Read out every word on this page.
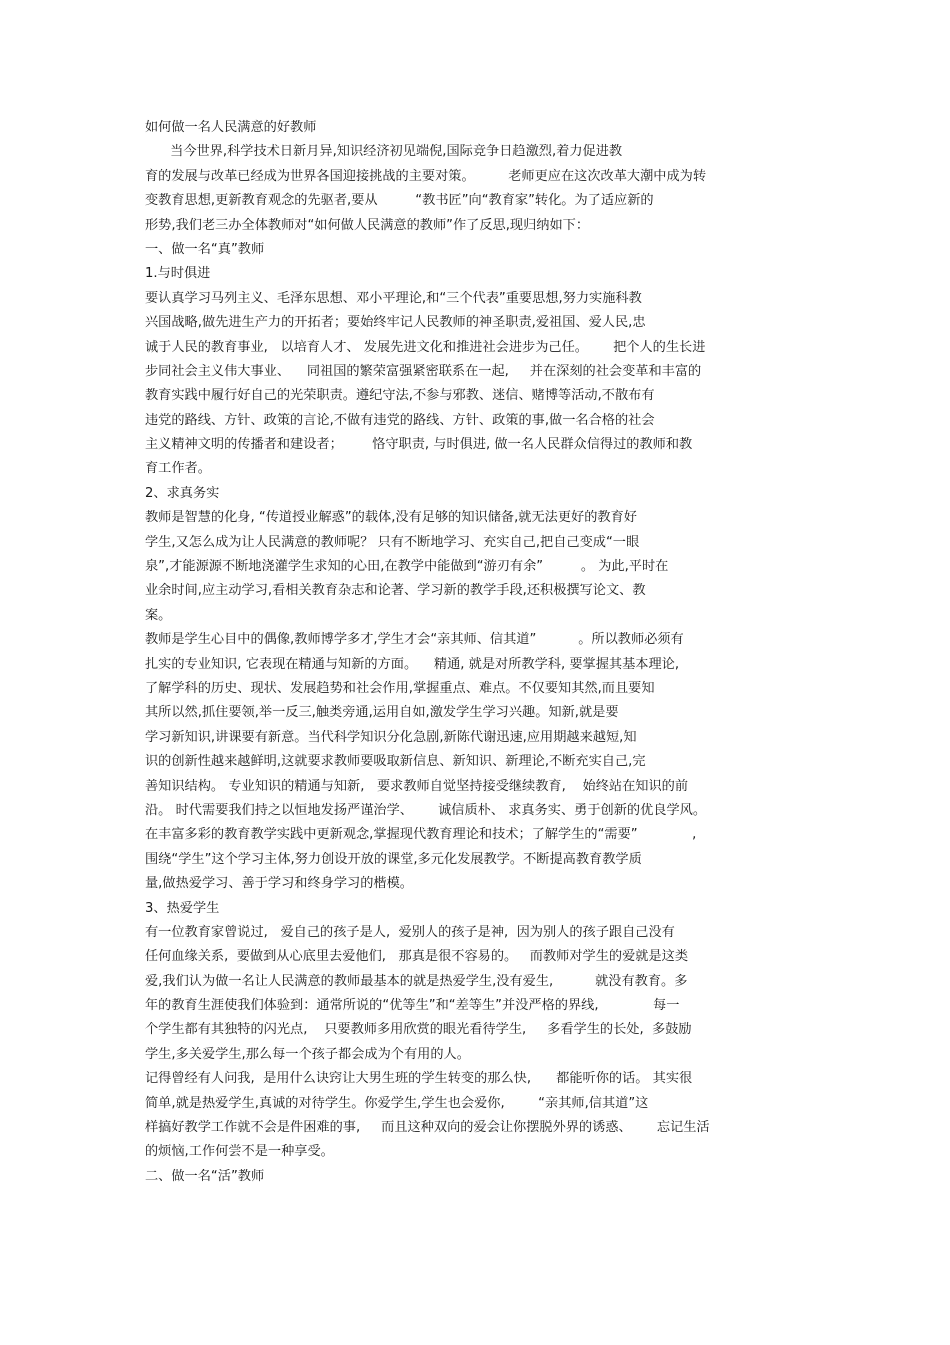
如何做一名人民满意的好教师
当今世界,科学技术日新月异,知识经济初见端倪,国际竞争日趋激烈,着力促进教
育的发展与改革已经成为世界各国迎接挑战的主要对策。        老师更应在这次改革大潮中成为转
变教育思想,更新教育观念的先驱者,要从         “教书匠”向“教育家”转化。为了适应新的
形势,我们老三办全体教师对“如何做人民满意的教师”作了反思,现归纳如下：
一、做一名“真”教师
1.与时俱进
要认真学习马列主义、毛泽东思想、邓小平理论,和“三个代表”重要思想,努力实施科教
兴国战略,做先进生产力的开拓者；要始终牢记人民教师的神圣职责,爱祖国、爱人民,忠
诚于人民的教育事业,   以培育人才、 发展先进文化和推进社会进步为己任。      把个人的生长进
步同社会主义伟大事业、    同祖国的繁荣富强紧密联系在一起,     并在深刻的社会变革和丰富的
教育实践中履行好自己的光荣职责。遵纪守法,不参与邪教、迷信、赌博等活动,不散布有
违党的路线、方针、政策的言论,不做有违党的路线、方针、政策的事,做一名合格的社会
主义精神文明的传播者和建设者；       恪守职责, 与时俱进, 做一名人民群众信得过的教师和教
育工作者。
2、求真务实
教师是智慧的化身, “传道授业解惑”的载体,没有足够的知识储备,就无法更好的教育好
学生,又怎么成为让人民满意的教师呢？ 只有不断地学习、充实自己,把自己变成“一眼
泉”,才能源源不断地浇灌学生求知的心田,在教学中能做到“游刃有余”         。 为此,平时在
业余时间,应主动学习,看相关教育杂志和论著、学习新的教学手段,还积极撰写论文、教
案。
教师是学生心目中的偶像,教师博学多才,学生才会“亲其师、信其道”          。所以教师必须有
扎实的专业知识, 它表现在精通与知新的方面。    精通, 就是对所教学科, 要掌握其基本理论,
了解学科的历史、现状、发展趋势和社会作用,掌握重点、难点。不仅要知其然,而且要知
其所以然,抓住要领,举一反三,触类旁通,运用自如,激发学生学习兴趣。知新,就是要
学习新知识,讲课要有新意。当代科学知识分化急剧,新陈代谢迅速,应用期越来越短,知
识的创新性越来越鲜明,这就要求教师要吸取新信息、新知识、新理论,不断充实自己,完
善知识结构。 专业知识的精通与知新,   要求教师自觉坚持接受继续教育,    始终站在知识的前
沿。 时代需要我们持之以恒地发扬严谨治学、      诚信质朴、 求真务实、勇于创新的优良学风。
在丰富多彩的教育教学实践中更新观念,掌握现代教育理论和技术；了解学生的“需要”             ,
围绕“学生”这个学习主体,努力创设开放的课堂,多元化发展教学。不断提高教育教学质
量,做热爱学习、善于学习和终身学习的楷模。
3、热爱学生
有一位教育家曾说过,   爱自己的孩子是人,  爱别人的孩子是神,  因为别人的孩子跟自己没有
任何血缘关系,  要做到从心底里去爱他们,   那真是很不容易的。   而教师对学生的爱就是这类
爱,我们认为做一名让人民满意的教师最基本的就是热爱学生,没有爱生,          就没有教育。多
年的教育生涯使我们体验到：通常所说的“优等生”和“差等生”并没严格的界线,             每一
个学生都有其独特的闪光点,    只要教师多用欣赏的眼光看待学生,     多看学生的长处,  多鼓励
学生,多关爱学生,那么每一个孩子都会成为个有用的人。
记得曾经有人问我,  是用什么诀窍让大男生班的学生转变的那么快,      都能听你的话。 其实很
简单,就是热爱学生,真诚的对待学生。你爱学生,学生也会爱你,        “亲其师,信其道”这
样搞好教学工作就不会是件困难的事,     而且这种双向的爱会让你摆脱外界的诱惑、      忘记生活
的烦恼,工作何尝不是一种享受。
二、做一名“活”教师
